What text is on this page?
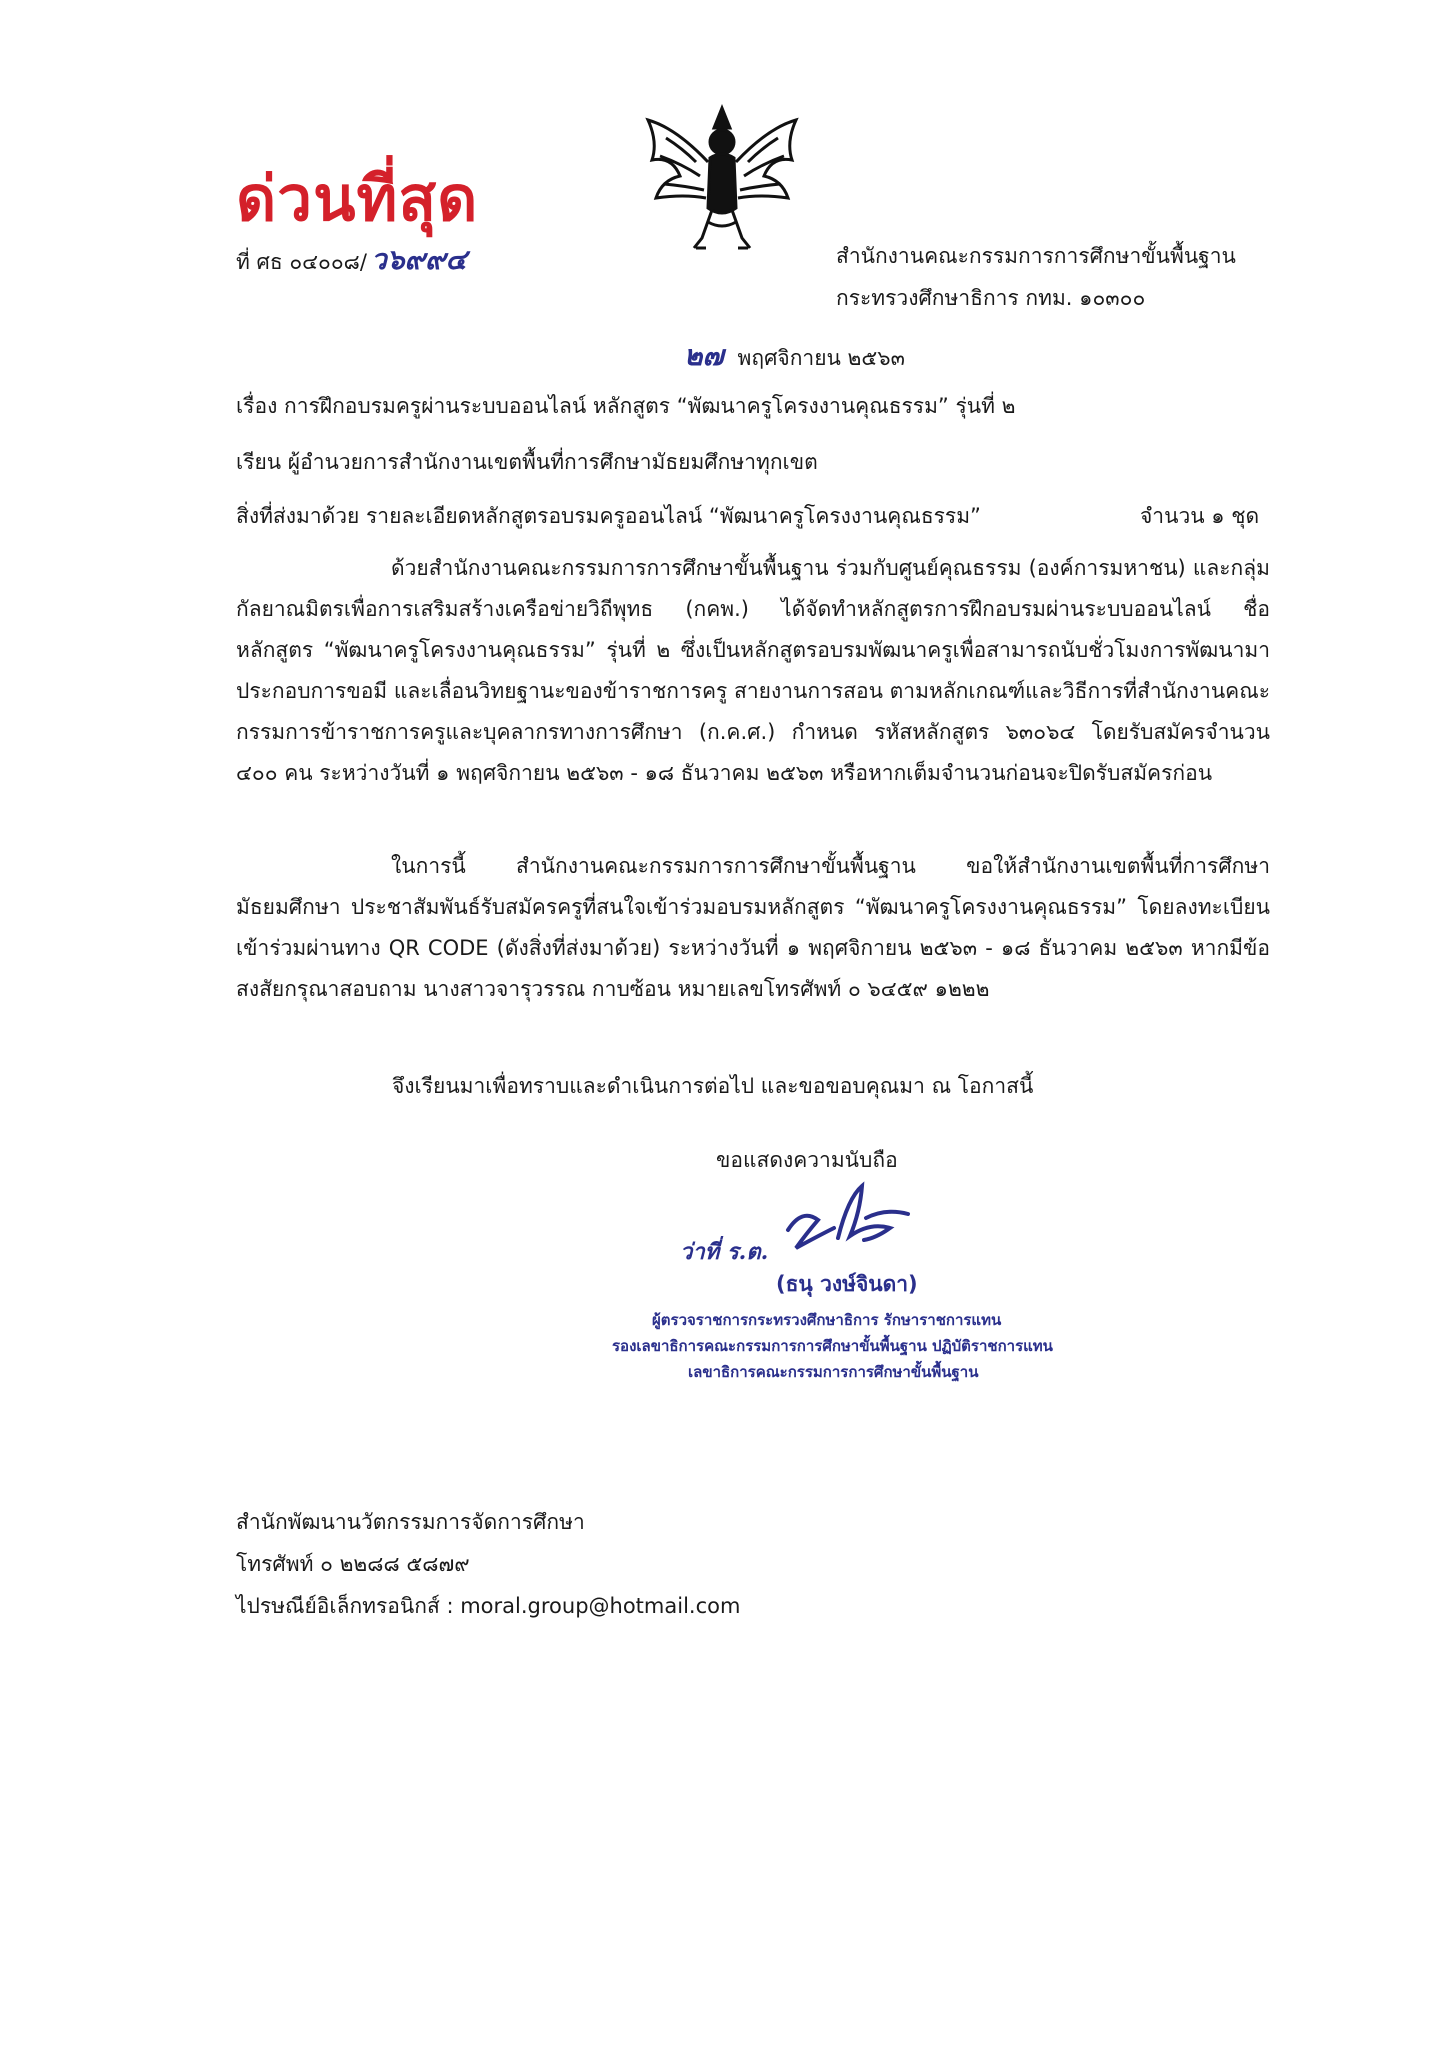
ด่วนที่สุด
ที่ ศธ ๐๔๐๐๘/ ว๖๙๙๔	สำนักงานคณะกรรมการการศึกษาขั้นพื้นฐาน
กระทรวงศึกษาธิการ กทม. ๑๐๓๐๐
๒๗ พฤศจิกายน ๒๕๖๓
เรื่อง การฝึกอบรมครูผ่านระบบออนไลน์ หลักสูตร “พัฒนาครูโครงงานคุณธรรม” รุ่นที่ ๒
เรียน ผู้อำนวยการสำนักงานเขตพื้นที่การศึกษามัธยมศึกษาทุกเขต
สิ่งที่ส่งมาด้วย รายละเอียดหลักสูตรอบรมครูออนไลน์ “พัฒนาครูโครงงานคุณธรรม”	จำนวน ๑ ชุด
ด้วยสำนักงานคณะกรรมการการศึกษาขั้นพื้นฐาน ร่วมกับศูนย์คุณธรรม (องค์การมหาชน) และกลุ่มกัลยาณมิตรเพื่อการเสริมสร้างเครือข่ายวิถีพุทธ (กคพ.) ได้จัดทำหลักสูตรการฝึกอบรมผ่านระบบออนไลน์ ชื่อหลักสูตร “พัฒนาครูโครงงานคุณธรรม” รุ่นที่ ๒ ซึ่งเป็นหลักสูตรอบรมพัฒนาครูเพื่อสามารถนับชั่วโมงการพัฒนามาประกอบการขอมี และเลื่อนวิทยฐานะของข้าราชการครู สายงานการสอน ตามหลักเกณฑ์และวิธีการที่สำนักงานคณะกรรมการข้าราชการครูและบุคลากรทางการศึกษา (ก.ค.ศ.) กำหนด รหัสหลักสูตร ๖๓๐๖๔ โดยรับสมัครจำนวน ๔๐๐ คน ระหว่างวันที่ ๑ พฤศจิกายน ๒๕๖๓ - ๑๘ ธันวาคม ๒๕๖๓ หรือหากเต็มจำนวนก่อนจะปิดรับสมัครก่อน
ในการนี้ สำนักงานคณะกรรมการการศึกษาขั้นพื้นฐาน ขอให้สำนักงานเขตพื้นที่การศึกษามัธยมศึกษา ประชาสัมพันธ์รับสมัครครูที่สนใจเข้าร่วมอบรมหลักสูตร “พัฒนาครูโครงงานคุณธรรม” โดยลงทะเบียนเข้าร่วมผ่านทาง QR CODE (ดังสิ่งที่ส่งมาด้วย) ระหว่างวันที่ ๑ พฤศจิกายน ๒๕๖๓ - ๑๘ ธันวาคม ๒๕๖๓ หากมีข้อสงสัยกรุณาสอบถาม นางสาวจารุวรรณ กาบซ้อน หมายเลขโทรศัพท์ ๐ ๖๔๕๙ ๑๒๒๒
จึงเรียนมาเพื่อทราบและดำเนินการต่อไป และขอขอบคุณมา ณ โอกาสนี้
ขอแสดงความนับถือ
ว่าที่ ร.ต.
(ธนุ วงษ์จินดา)
ผู้ตรวจราชการกระทรวงศึกษาธิการ รักษาราชการแทน
รองเลขาธิการคณะกรรมการการศึกษาขั้นพื้นฐาน ปฏิบัติราชการแทน
เลขาธิการคณะกรรมการการศึกษาขั้นพื้นฐาน
สำนักพัฒนานวัตกรรมการจัดการศึกษา
โทรศัพท์ ๐ ๒๒๘๘ ๕๘๗๙
ไปรษณีย์อิเล็กทรอนิกส์ : moral.group@hotmail.com
